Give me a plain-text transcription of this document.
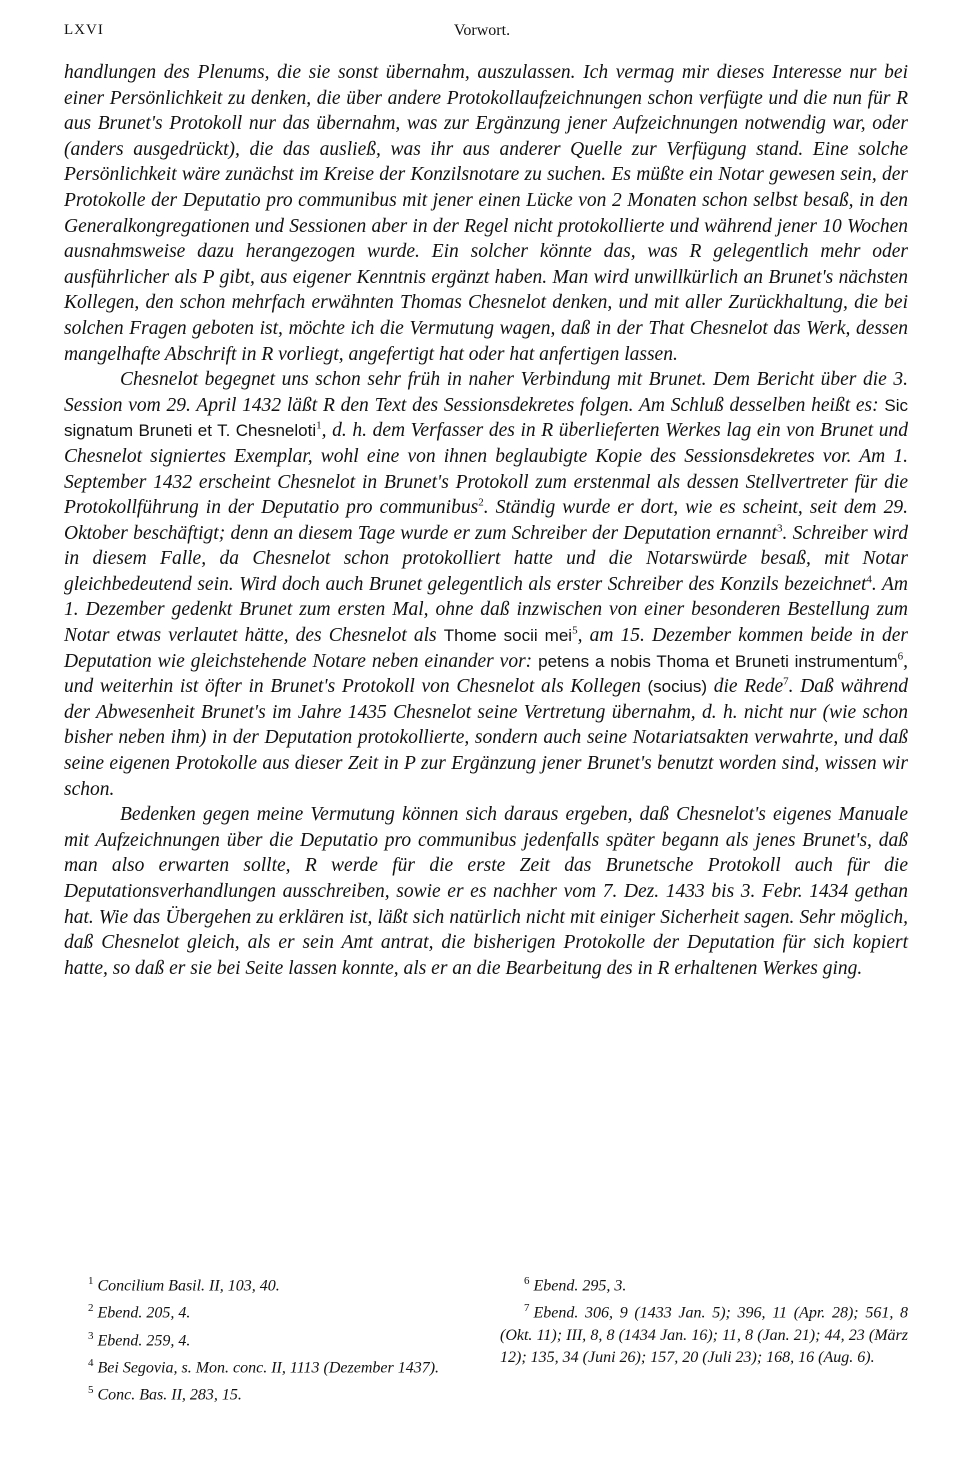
LXVI	Vorwort.

handlungen des Plenums, die sie sonst übernahm, auszulassen. Ich vermag mir dieses Interesse nur bei einer Persönlichkeit zu denken, die über andere Protokollaufzeichnungen schon verfügte und die nun für R aus Brunet's Protokoll nur das übernahm, was zur Ergänzung jener Aufzeichnungen notwendig war, oder (anders ausgedrückt), die das ausließ, was ihr aus anderer Quelle zur Verfügung stand. Eine solche Persönlichkeit wäre zunächst im Kreise der Konzilsnotare zu suchen. Es müßte ein Notar gewesen sein, der Protokolle der Deputatio pro communibus mit jener einen Lücke von 2 Monaten schon selbst besaß, in den Generalkongregationen und Sessionen aber in der Regel nicht protokollierte und während jener 10 Wochen ausnahmsweise dazu herangezogen wurde. Ein solcher könnte das, was R gelegentlich mehr oder ausführlicher als P gibt, aus eigener Kenntnis ergänzt haben. Man wird unwillkürlich an Brunet's nächsten Kollegen, den schon mehrfach erwähnten Thomas Chesnelot denken, und mit aller Zurückhaltung, die bei solchen Fragen geboten ist, möchte ich die Vermutung wagen, daß in der That Chesnelot das Werk, dessen mangelhafte Abschrift in R vorliegt, angefertigt hat oder hat anfertigen lassen.

Chesnelot begegnet uns schon sehr früh in naher Verbindung mit Brunet. Dem Bericht über die 3. Session vom 29. April 1432 läßt R den Text des Sessionsdekretes folgen. Am Schluß desselben heißt es: Sic signatum Bruneti et T. Chesneloti$^1$, d. h. dem Verfasser des in R überlieferten Werkes lag ein von Brunet und Chesnelot signiertes Exemplar, wohl eine von ihnen beglaubigte Kopie des Sessionsdekretes vor. Am 1. September 1432 erscheint Chesnelot in Brunet's Protokoll zum erstenmal als dessen Stellvertreter für die Protokollführung in der Deputatio pro communibus$^2$. Ständig wurde er dort, wie es scheint, seit dem 29. Oktober beschäftigt; denn an diesem Tage wurde er zum Schreiber der Deputation ernannt$^3$. Schreiber wird in diesem Falle, da Chesnelot schon protokolliert hatte und die Notarswürde besaß, mit Notar gleichbedeutend sein. Wird doch auch Brunet gelegentlich als erster Schreiber des Konzils bezeichnet$^4$. Am 1. Dezember gedenkt Brunet zum ersten Mal, ohne daß inzwischen von einer besonderen Bestellung zum Notar etwas verlautet hätte, des Chesnelot als Thome socii mei$^5$, am 15. Dezember kommen beide in der Deputation wie gleichstehende Notare neben einander vor: petens a nobis Thoma et Bruneti instrumentum$^6$, und weiterhin ist öfter in Brunet's Protokoll von Chesnelot als Kollegen (socius) die Rede$^7$. Daß während der Abwesenheit Brunet's im Jahre 1435 Chesnelot seine Vertretung übernahm, d. h. nicht nur (wie schon bisher neben ihm) in der Deputation protokollierte, sondern auch seine Notariatsakten verwahrte, und daß seine eigenen Protokolle aus dieser Zeit in P zur Ergänzung jener Brunet's benutzt worden sind, wissen wir schon.

Bedenken gegen meine Vermutung können sich daraus ergeben, daß Chesnelot's eigenes Manuale mit Aufzeichnungen über die Deputatio pro communibus jedenfalls später begann als jenes Brunet's, daß man also erwarten sollte, R werde für die erste Zeit das Brunetsche Protokoll auch für die Deputationsverhandlungen ausschreiben, sowie er es nachher vom 7. Dez. 1433 bis 3. Febr. 1434 gethan hat. Wie das Übergehen zu erklären ist, läßt sich natürlich nicht mit einiger Sicherheit sagen. Sehr möglich, daß Chesnelot gleich, als er sein Amt antrat, die bisherigen Protokolle der Deputation für sich kopiert hatte, so daß er sie bei Seite lassen konnte, als er an die Bearbeitung des in R erhaltenen Werkes ging.

$^1$ Concilium Basil. II, 103, 40.

$^2$ Ebend. 205, 4.

$^3$ Ebend. 259, 4.

$^4$ Bei Segovia, s. Mon. conc. II, 1113 (Dezember 1437).

$^5$ Conc. Bas. II, 283, 15.

$^6$ Ebend. 295, 3.

$^7$ Ebend. 306, 9 (1433 Jan. 5); 396, 11 (Apr. 28); 561, 8 (Okt. 11); III, 8, 8 (1434 Jan. 16); 11, 8 (Jan. 21); 44, 23 (März 12); 135, 34 (Juni 26); 157, 20 (Juli 23); 168, 16 (Aug. 6).
